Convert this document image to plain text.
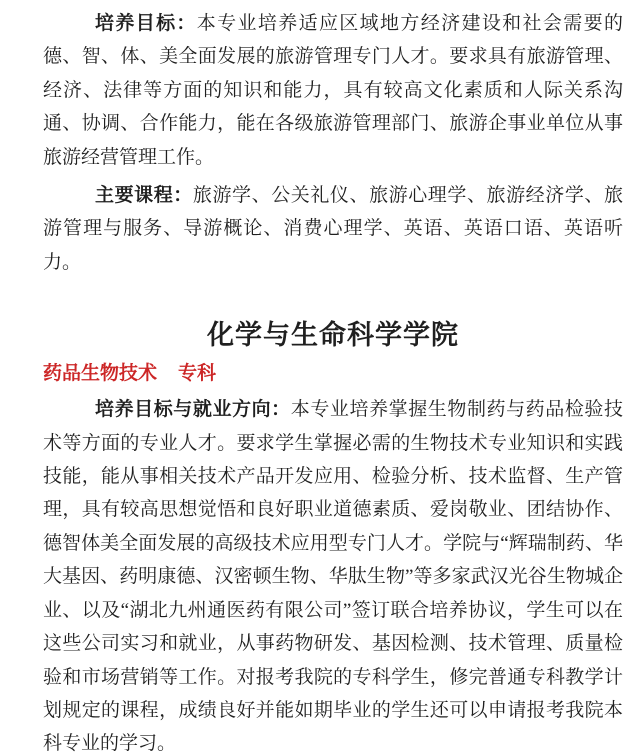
培养目标：本专业培养适应区域地方经济建设和社会需要的德、智、体、美全面发展的旅游管理专门人才。要求具有旅游管理、经济、法律等方面的知识和能力，具有较高文化素质和人际关系沟通、协调、合作能力，能在各级旅游管理部门、旅游企事业单位从事旅游经营管理工作。

主要课程：旅游学、公关礼仪、旅游心理学、旅游经济学、旅游管理与服务、导游概论、消费心理学、英语、英语口语、英语听力。

化学与生命科学学院
药品生物技术 专科

培养目标与就业方向：本专业培养掌握生物制药与药品检验技术等方面的专业人才。要求学生掌握必需的生物技术专业知识和实践技能，能从事相关技术产品开发应用、检验分析、技术监督、生产管理，具有较高思想觉悟和良好职业道德素质、爱岗敬业、团结协作、德智体美全面发展的高级技术应用型专门人才。学院与“辉瑞制药、华大基因、药明康德、汉密顿生物、华肽生物”等多家武汉光谷生物城企业、以及“湖北九州通医药有限公司”签订联合培养协议，学生可以在这些公司实习和就业，从事药物研发、基因检测、技术管理、质量检验和市场营销等工作。对报考我院的专科学生，修完普通专科教学计划规定的课程，成绩良好并能如期毕业的学生还可以申请报考我院本科专业的学习。
